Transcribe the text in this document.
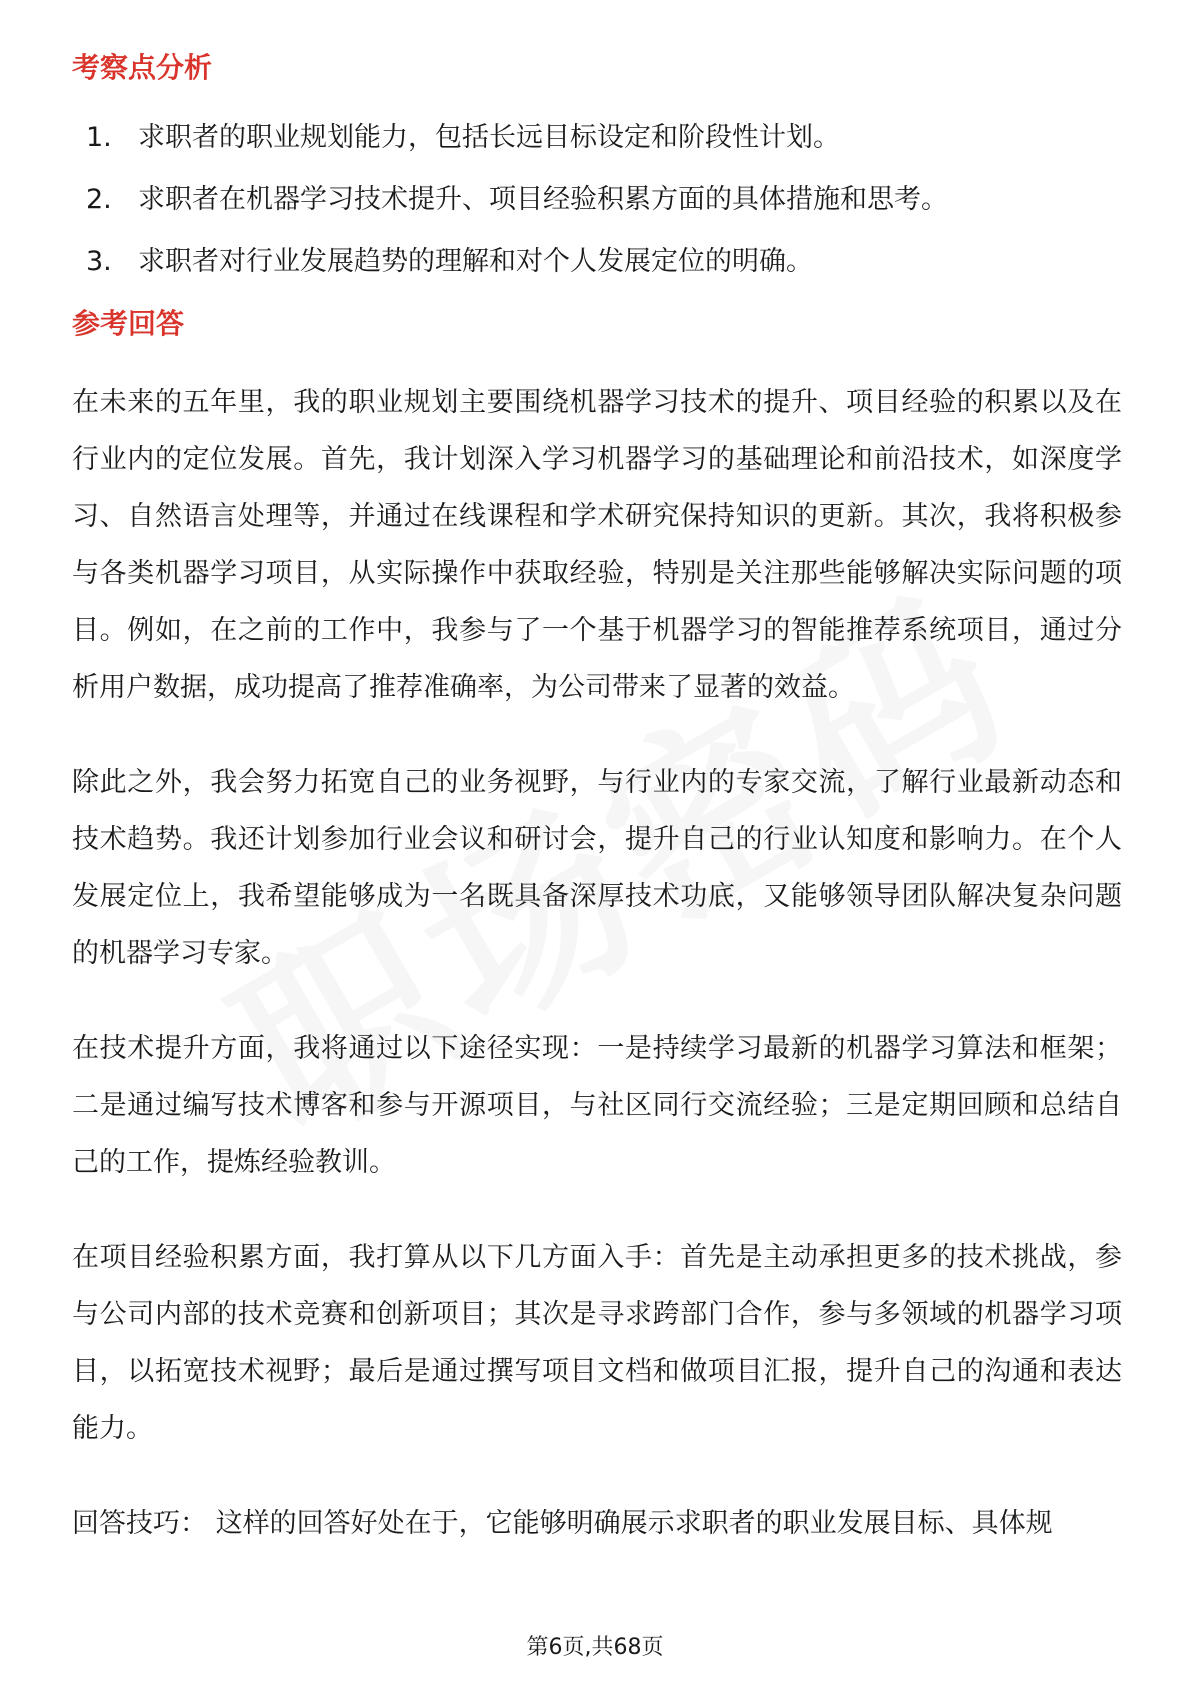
考察点分析
1. 求职者的职业规划能力，包括长远目标设定和阶段性计划。
2. 求职者在机器学习技术提升、项目经验积累方面的具体措施和思考。
3. 求职者对行业发展趋势的理解和对个人发展定位的明确。
参考回答

在未来的五年里，我的职业规划主要围绕机器学习技术的提升、项目经验的积累以及在行业内的定位发展。首先，我计划深入学习机器学习的基础理论和前沿技术，如深度学习、自然语言处理等，并通过在线课程和学术研究保持知识的更新。其次，我将积极参与各类机器学习项目，从实际操作中获取经验，特别是关注那些能够解决实际问题的项目。例如，在之前的工作中，我参与了一个基于机器学习的智能推荐系统项目，通过分析用户数据，成功提高了推荐准确率，为公司带来了显著的效益。

除此之外，我会努力拓宽自己的业务视野，与行业内的专家交流，了解行业最新动态和技术趋势。我还计划参加行业会议和研讨会，提升自己的行业认知度和影响力。在个人发展定位上，我希望能够成为一名既具备深厚技术功底，又能够领导团队解决复杂问题的机器学习专家。

在技术提升方面，我将通过以下途径实现：一是持续学习最新的机器学习算法和框架；二是通过编写技术博客和参与开源项目，与社区同行交流经验；三是定期回顾和总结自己的工作，提炼经验教训。

在项目经验积累方面，我打算从以下几方面入手：首先是主动承担更多的技术挑战，参与公司内部的技术竞赛和创新项目；其次是寻求跨部门合作，参与多领域的机器学习项目，以拓宽技术视野；最后是通过撰写项目文档和做项目汇报，提升自己的沟通和表达能力。

回答技巧： 这样的回答好处在于，它能够明确展示求职者的职业发展目标、具体规

第6页,共68页
